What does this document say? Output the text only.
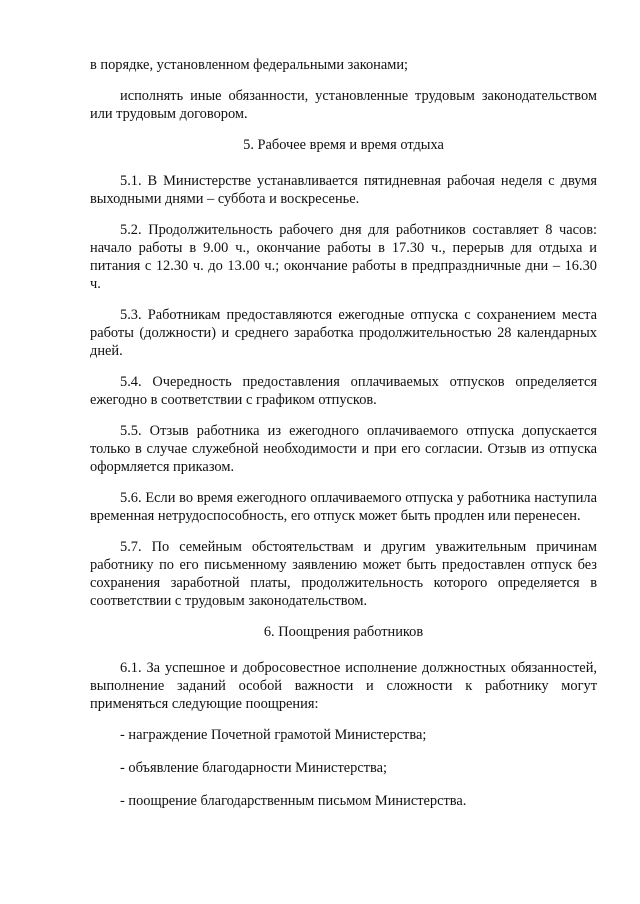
в порядке, установленном федеральными законами;

исполнять иные обязанности, установленные трудовым законодательством или трудовым договором.

5. Рабочее время и время отдыха

5.1. В Министерстве устанавливается пятидневная рабочая неделя с двумя выходными днями – суббота и воскресенье.

5.2. Продолжительность рабочего дня для работников составляет 8 часов: начало работы в 9.00 ч., окончание работы в 17.30 ч., перерыв для отдыха и питания с 12.30 ч. до 13.00 ч.; окончание работы в предпраздничные дни – 16.30 ч.

5.3. Работникам предоставляются ежегодные отпуска с сохранением места работы (должности) и среднего заработка продолжительностью 28 календарных дней.

5.4. Очередность предоставления оплачиваемых отпусков определяется ежегодно в соответствии с графиком отпусков.

5.5. Отзыв работника из ежегодного оплачиваемого отпуска допускается только в случае служебной необходимости и при его согласии. Отзыв из отпуска оформляется приказом.

5.6. Если во время ежегодного оплачиваемого отпуска у работника наступила временная нетрудоспособность, его отпуск может быть продлен или перенесен.

5.7. По семейным обстоятельствам и другим уважительным причинам работнику по его письменному заявлению может быть предоставлен отпуск без сохранения заработной платы, продолжительность которого определяется в соответствии с трудовым законодательством.

6. Поощрения работников

6.1. За успешное и добросовестное исполнение должностных обязанностей, выполнение заданий особой важности и сложности к работнику могут применяться следующие поощрения:

- награждение Почетной грамотой Министерства;

- объявление благодарности Министерства;

- поощрение благодарственным письмом Министерства.
